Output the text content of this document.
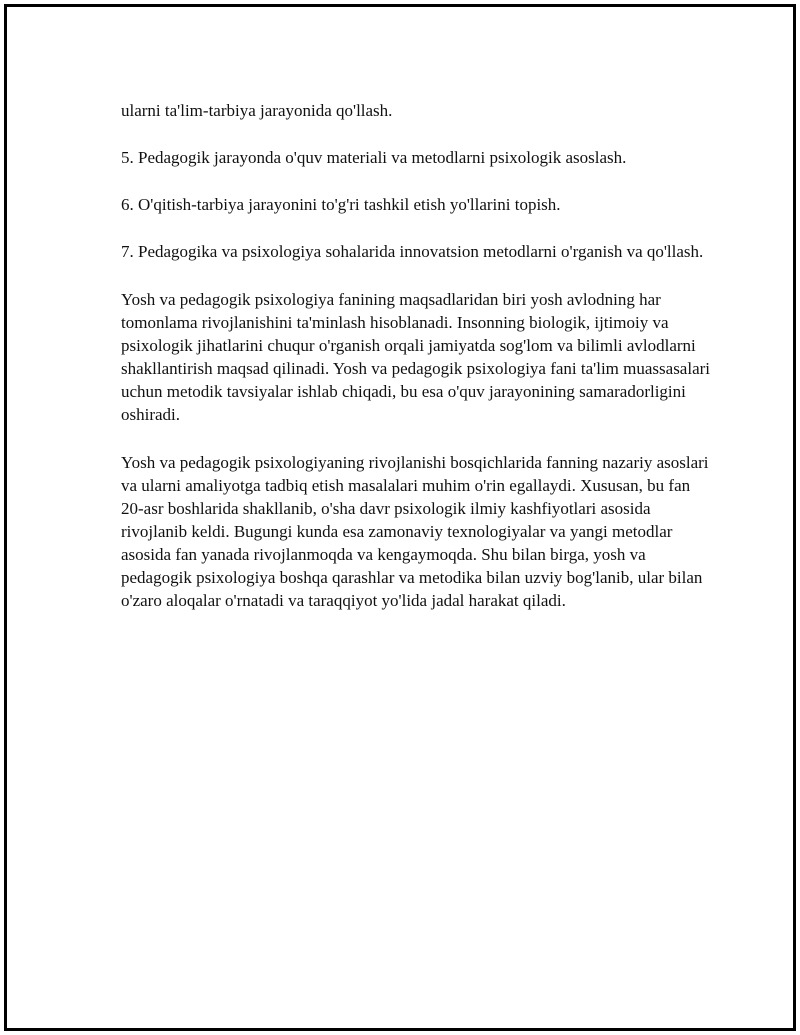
ularni ta'lim-tarbiya jarayonida qo'llash.

5. Pedagogik jarayonda o'quv materiali va metodlarni psixologik asoslash.

6. O'qitish-tarbiya jarayonini to'g'ri tashkil etish yo'llarini topish.

7. Pedagogika va psixologiya sohalarida innovatsion metodlarni o'rganish va qo'llash.

Yosh va pedagogik psixologiya fanining maqsadlaridan biri yosh avlodning har tomonlama rivojlanishini ta'minlash hisoblanadi. Insonning biologik, ijtimoiy va psixologik jihatlarini chuqur o'rganish orqali jamiyatda sog'lom va bilimli avlodlarni shakllantirish maqsad qilinadi. Yosh va pedagogik psixologiya fani ta'lim muassasalari uchun metodik tavsiyalar ishlab chiqadi, bu esa o'quv jarayonining samaradorligini oshiradi.

Yosh va pedagogik psixologiyaning rivojlanishi bosqichlarida fanning nazariy asoslari va ularni amaliyotga tadbiq etish masalalari muhim o'rin egallaydi. Xususan, bu fan 20-asr boshlarida shakllanib, o'sha davr psixologik ilmiy kashfiyotlari asosida rivojlanib keldi. Bugungi kunda esa zamonaviy texnologiyalar va yangi metodlar asosida fan yanada rivojlanmoqda va kengaymoqda. Shu bilan birga, yosh va pedagogik psixologiya boshqa qarashlar va metodika bilan uzviy bog'lanib, ular bilan o'zaro aloqalar o'rnatadi va taraqqiyot yo'lida jadal harakat qiladi.
